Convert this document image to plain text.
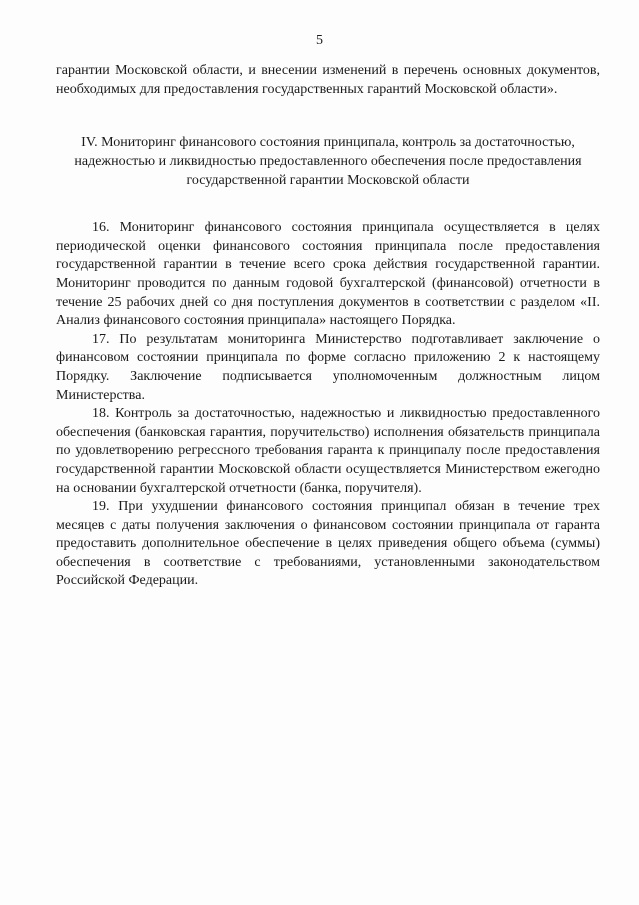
5

гарантии Московской области, и внесении изменений в перечень основных документов, необходимых для предоставления государственных гарантий Московской области».

IV. Мониторинг финансового состояния принципала, контроль за достаточностью,
надежностью и ликвидностью предоставленного обеспечения после предоставления
государственной гарантии Московской области

16. Мониторинг финансового состояния принципала осуществляется в целях периодической оценки финансового состояния принципала после предоставления государственной гарантии в течение всего срока действия государственной гарантии. Мониторинг проводится по данным годовой бухгалтерской (финансовой) отчетности в течение 25 рабочих дней со дня поступления документов в соответствии с разделом «II. Анализ финансового состояния принципала» настоящего Порядка.

17. По результатам мониторинга Министерство подготавливает заключение о финансовом состоянии принципала по форме согласно приложению 2 к настоящему Порядку. Заключение подписывается уполномоченным должностным лицом Министерства.

18. Контроль за достаточностью, надежностью и ликвидностью предоставленного обеспечения (банковская гарантия, поручительство) исполнения обязательств принципала по удовлетворению регрессного требования гаранта к принципалу после предоставления государственной гарантии Московской области осуществляется Министерством ежегодно на основании бухгалтерской отчетности (банка, поручителя).

19. При ухудшении финансового состояния принципал обязан в течение трех месяцев с даты получения заключения о финансовом состоянии принципала от гаранта предоставить дополнительное обеспечение в целях приведения общего объема (суммы) обеспечения в соответствие с требованиями, установленными законодательством Российской Федерации.
